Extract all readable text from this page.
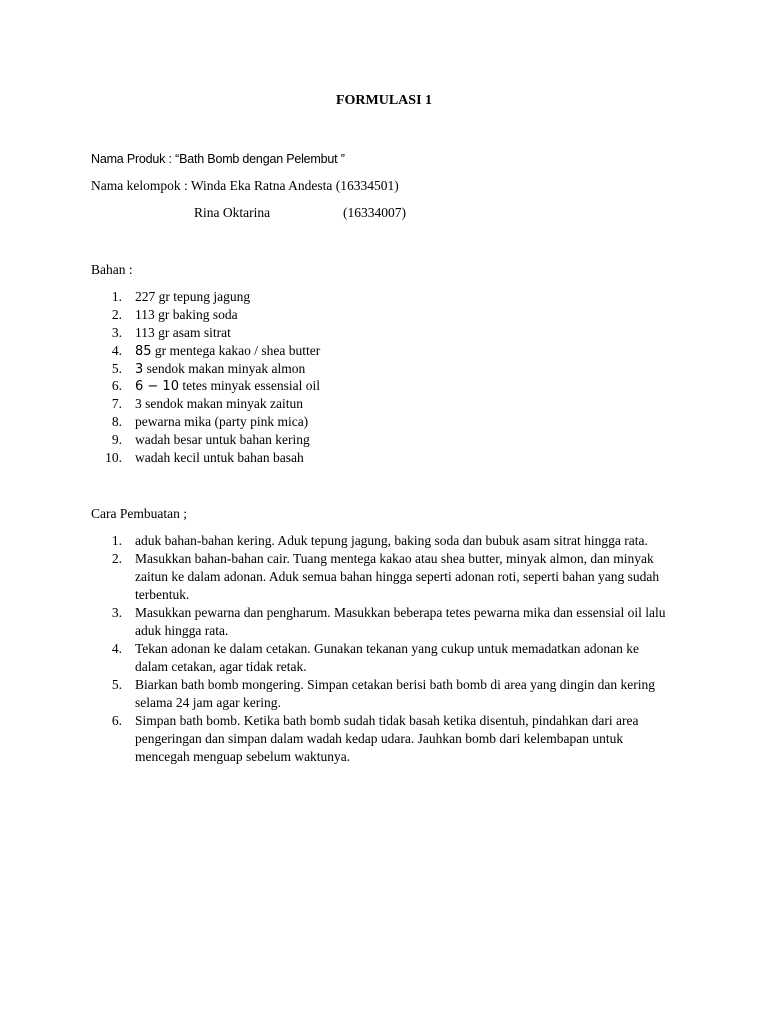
FORMULASI 1
Nama Produk : “Bath Bomb dengan Pelembut ”
Nama kelompok : Winda Eka Ratna Andesta (16334501)
Rina Oktarina	(16334007)
Bahan :
1. 227 gr tepung jagung
2. 113 gr baking soda
3. 113 gr asam sitrat
4. 85 gr mentega kakao / shea butter
5. 3 sendok makan minyak almon
6. 6 − 10 tetes minyak essensial oil
7. 3 sendok makan minyak zaitun
8. pewarna mika (party pink mica)
9. wadah besar untuk bahan kering
10. wadah kecil untuk bahan basah
Cara Pembuatan ;
1. aduk bahan-bahan kering. Aduk tepung jagung, baking soda dan bubuk asam sitrat hingga rata.
2. Masukkan bahan-bahan cair. Tuang mentega kakao atau shea butter, minyak almon, dan minyak zaitun ke dalam adonan. Aduk semua bahan hingga seperti adonan roti, seperti bahan yang sudah terbentuk.
3. Masukkan pewarna dan pengharum. Masukkan beberapa tetes pewarna mika dan essensial oil lalu aduk hingga rata.
4. Tekan adonan ke dalam cetakan. Gunakan tekanan yang cukup untuk memadatkan adonan ke dalam cetakan, agar tidak retak.
5. Biarkan bath bomb mongering. Simpan cetakan berisi bath bomb di area yang dingin dan kering selama 24 jam agar kering.
6. Simpan bath bomb. Ketika bath bomb sudah tidak basah ketika disentuh, pindahkan dari area pengeringan dan simpan dalam wadah kedap udara. Jauhkan bomb dari kelembapan untuk mencegah menguap sebelum waktunya.
